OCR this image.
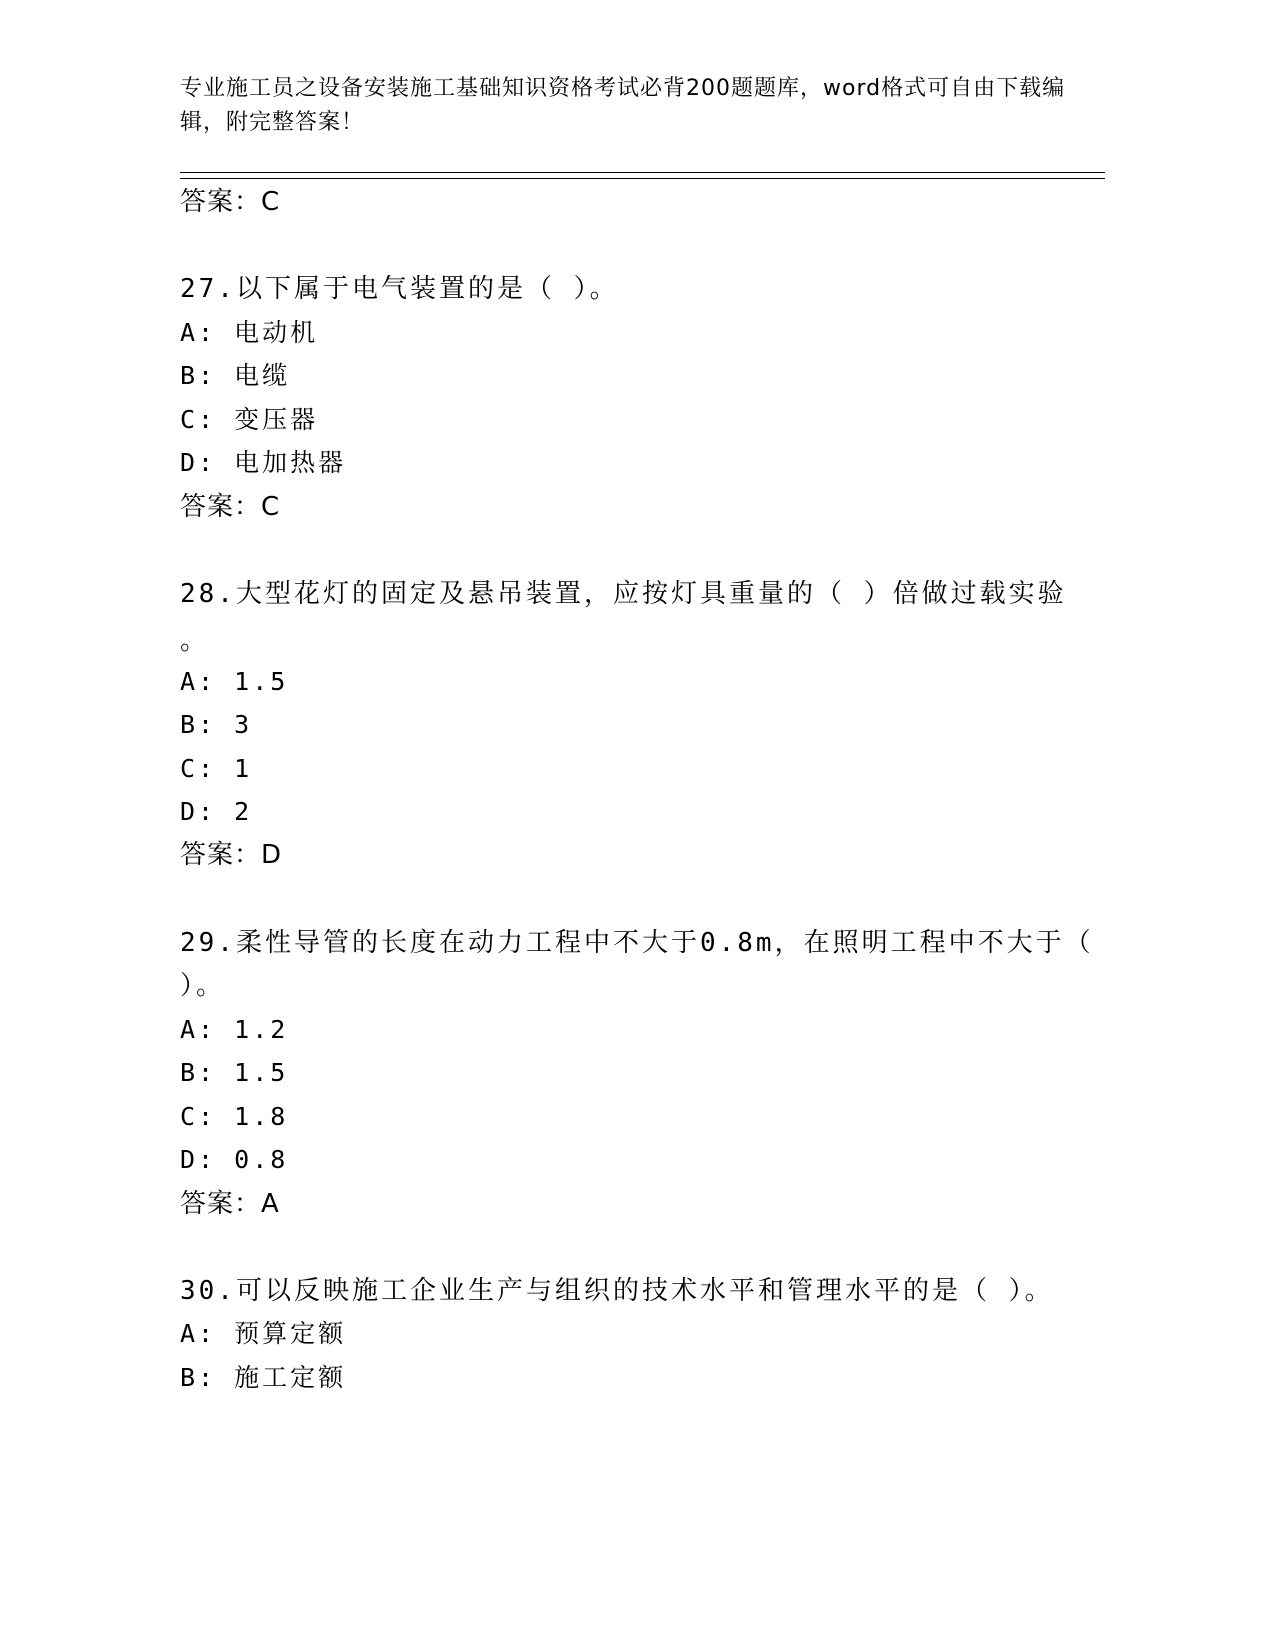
专业施工员之设备安装施工基础知识资格考试必背200题题库，word格式可自由下载编辑，附完整答案！
答案：C
27.以下属于电气装置的是（ ）。
A: 电动机
B: 电缆
C: 变压器
D: 电加热器
答案：C
28.大型花灯的固定及悬吊装置，应按灯具重量的（ ）倍做过载实验
。
A: 1.5
B: 3
C: 1
D: 2
答案：D
29.柔性导管的长度在动力工程中不大于0.8m，在照明工程中不大于（
）。
A: 1.2
B: 1.5
C: 1.8
D: 0.8
答案：A
30.可以反映施工企业生产与组织的技术水平和管理水平的是（ ）。
A: 预算定额
B: 施工定额
